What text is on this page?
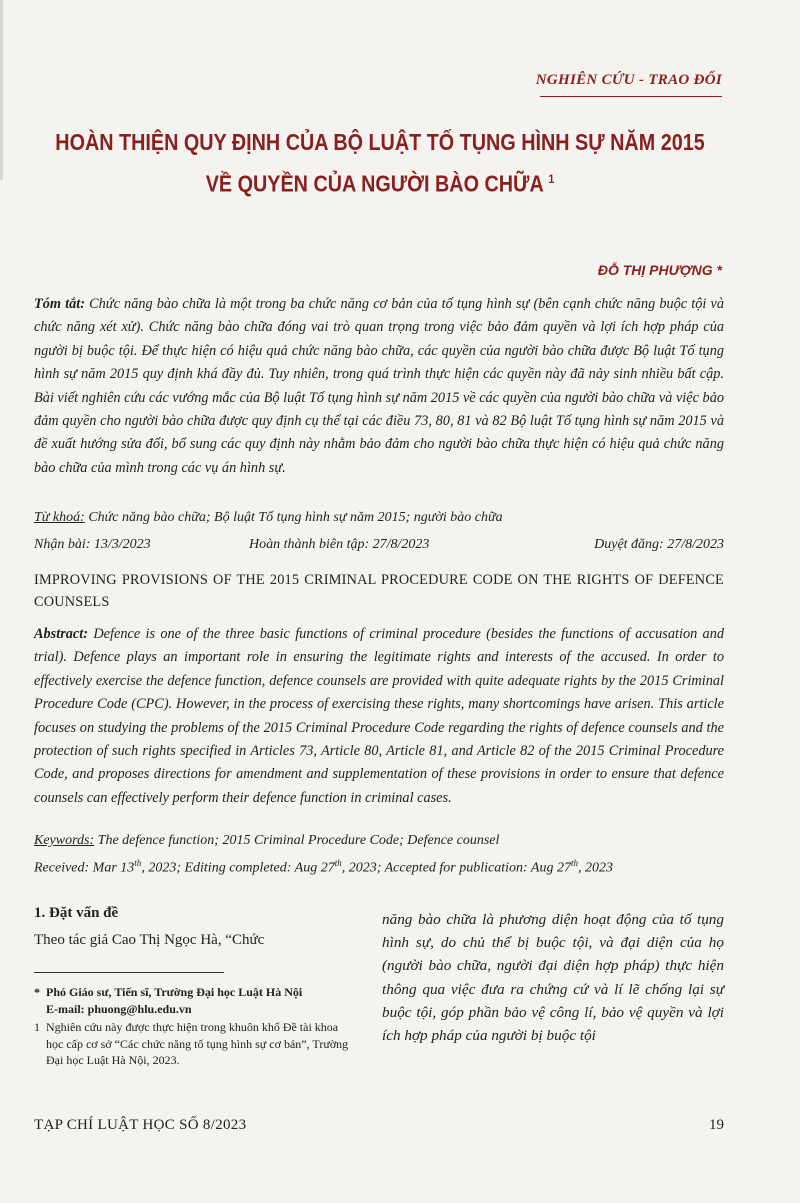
NGHIÊN CỨU - TRAO ĐỔI
HOÀN THIỆN QUY ĐỊNH CỦA BỘ LUẬT TỐ TỤNG HÌNH SỰ NĂM 2015
VỀ QUYỀN CỦA NGƯỜI BÀO CHỮA $^1$
ĐỖ THỊ PHƯỢNG *
Tóm tắt: Chức năng bào chữa là một trong ba chức năng cơ bản của tố tụng hình sự (bên cạnh chức năng buộc tội và chức năng xét xử). Chức năng bào chữa đóng vai trò quan trọng trong việc bảo đảm quyền và lợi ích hợp pháp của người bị buộc tội. Để thực hiện có hiệu quả chức năng bào chữa, các quyền của người bào chữa được Bộ luật Tố tụng hình sự năm 2015 quy định khá đầy đủ. Tuy nhiên, trong quá trình thực hiện các quyền này đã nảy sinh nhiều bất cập. Bài viết nghiên cứu các vướng mắc của Bộ luật Tố tụng hình sự năm 2015 về các quyền của người bào chữa và việc bảo đảm quyền cho người bào chữa được quy định cụ thể tại các điều 73, 80, 81 và 82 Bộ luật Tố tụng hình sự năm 2015 và đề xuất hướng sửa đổi, bổ sung các quy định này nhằm bảo đảm cho người bào chữa thực hiện có hiệu quả chức năng bào chữa của mình trong các vụ án hình sự.
Từ khoá: Chức năng bào chữa; Bộ luật Tố tụng hình sự năm 2015; người bào chữa
Nhận bài: 13/3/2023	Hoàn thành biên tập: 27/8/2023	Duyệt đăng: 27/8/2023
IMPROVING PROVISIONS OF THE 2015 CRIMINAL PROCEDURE CODE ON THE RIGHTS OF DEFENCE COUNSELS
Abstract: Defence is one of the three basic functions of criminal procedure (besides the functions of accusation and trial). Defence plays an important role in ensuring the legitimate rights and interests of the accused. In order to effectively exercise the defence function, defence counsels are provided with quite adequate rights by the 2015 Criminal Procedure Code (CPC). However, in the process of exercising these rights, many shortcomings have arisen. This article focuses on studying the problems of the 2015 Criminal Procedure Code regarding the rights of defence counsels and the protection of such rights specified in Articles 73, Article 80, Article 81, and Article 82 of the 2015 Criminal Procedure Code, and proposes directions for amendment and supplementation of these provisions in order to ensure that defence counsels can effectively perform their defence function in criminal cases.
Keywords: The defence function; 2015 Criminal Procedure Code; Defence counsel
Received: Mar 13th, 2023; Editing completed: Aug 27th, 2023; Accepted for publication: Aug 27th, 2023
1. Đặt vấn đề
Theo tác giả Cao Thị Ngọc Hà, “Chức
* Phó Giáo sư, Tiến sĩ, Trường Đại học Luật Hà Nội
E-mail: phuong@hlu.edu.vn
1 Nghiên cứu này được thực hiện trong khuôn khổ Đề tài khoa học cấp cơ sở “Các chức năng tố tụng hình sự cơ bản”, Trường Đại học Luật Hà Nội, 2023.
năng bào chữa là phương diện hoạt động của tố tụng hình sự, do chủ thể bị buộc tội, và đại diện của họ (người bào chữa, người đại diện hợp pháp) thực hiện thông qua việc đưa ra chứng cứ và lí lẽ chống lại sự buộc tội, góp phần bảo vệ công lí, bảo vệ quyền và lợi ích hợp pháp của người bị buộc tội
TẠP CHÍ LUẬT HỌC SỐ 8/2023	19
